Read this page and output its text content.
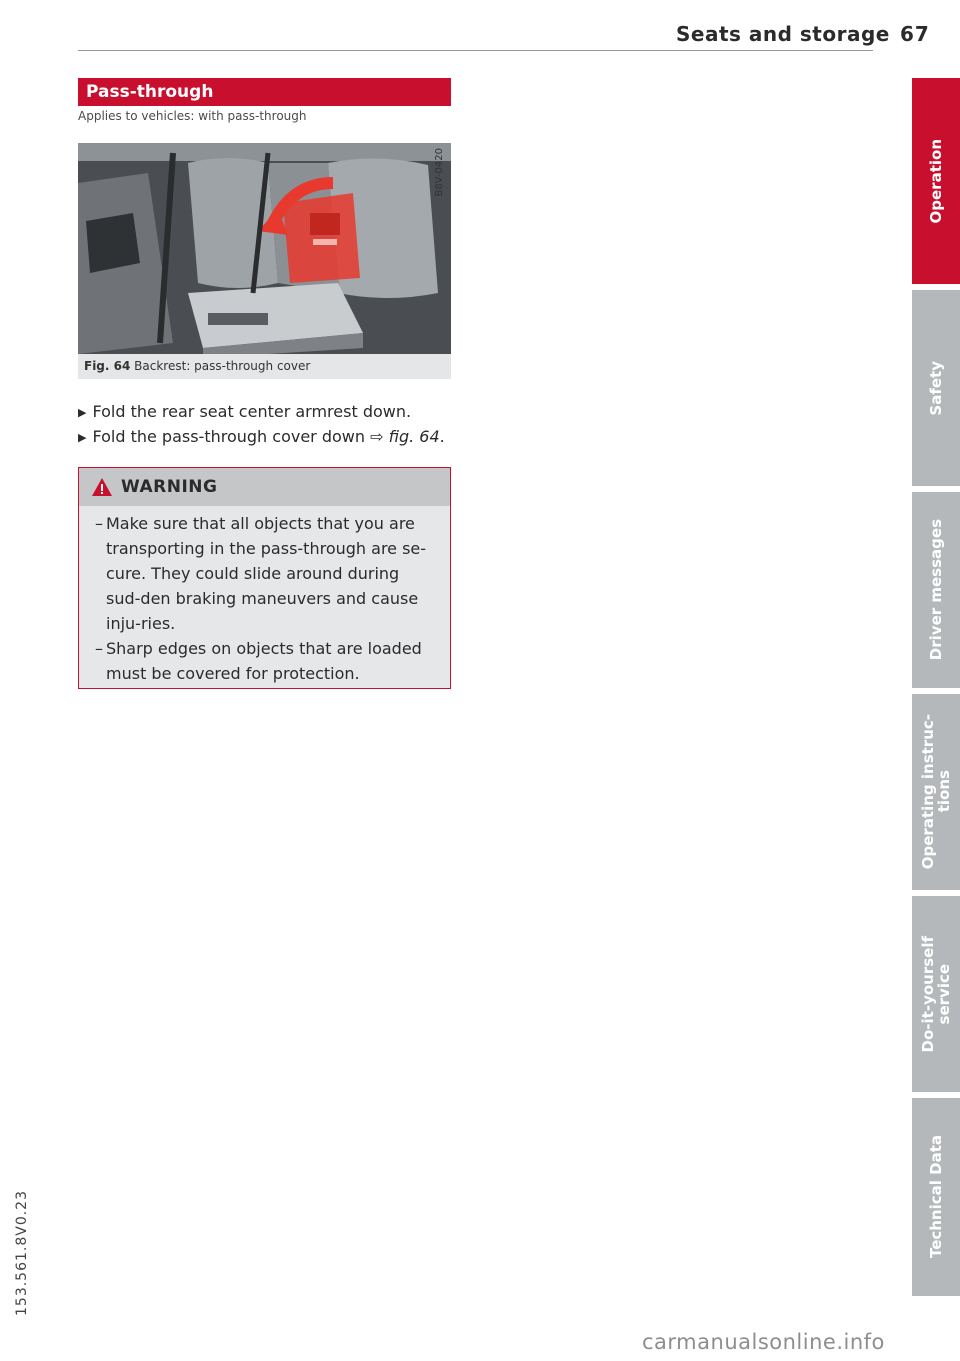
Seats and storage 67
Pass-through
Applies to vehicles: with pass-through
B8V-0420
Fig. 64 Backrest: pass-through cover
▶ Fold the rear seat center armrest down.
▶ Fold the pass-through cover down ⇨ fig. 64.
WARNING
– Make sure that all objects that you are transporting in the pass-through are se-cure. They could slide around during sud-den braking maneuvers and cause inju-ries.
– Sharp edges on objects that are loaded must be covered for protection.
Operation
Safety
Driver messages
Operating instruc-
tions
Do-it-yourself
service
Technical Data
153.561.8V0.23
carmanualsonline.info
